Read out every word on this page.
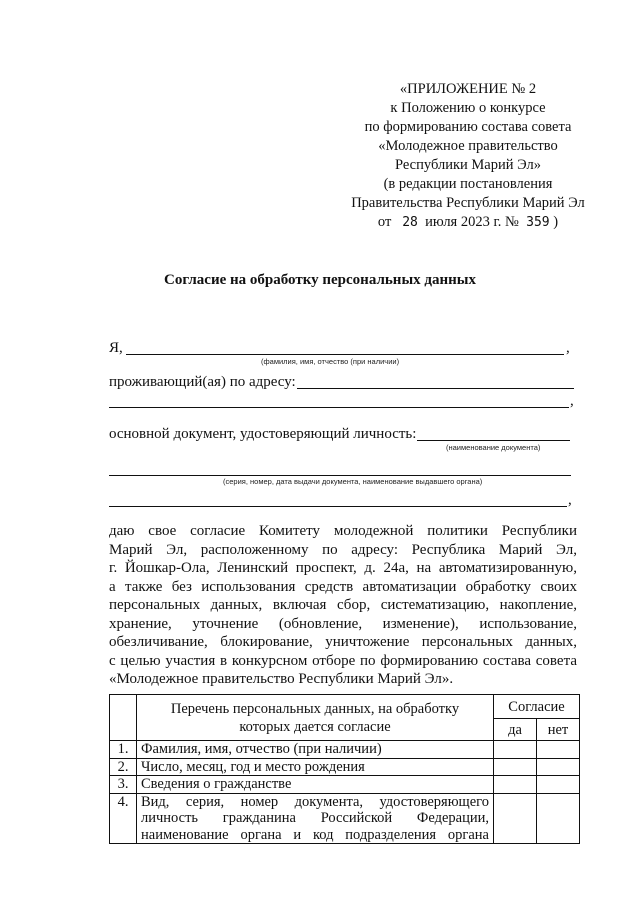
«ПРИЛОЖЕНИЕ № 2
к Положению о конкурсе
по формированию состава совета
«Молодежное правительство
Республики Марий Эл»
(в редакции постановления
Правительства Республики Марий Эл
от 28 июля 2023 г. № 359 )
Согласие на обработку персональных данных
Я,	,
(фамилия, имя, отчество (при наличии)
проживающий(ая) по адресу:
,
основной документ, удостоверяющий личность:
(наименование документа)
(серия, номер, дата выдачи документа, наименование выдавшего органа)
,
даю свое согласие Комитету молодежной политики Республики
Марий Эл, расположенному по адресу: Республика Марий Эл,
г. Йошкар-Ола, Ленинский проспект, д. 24а, на автоматизированную,
а также без использования средств автоматизации обработку своих
персональных данных, включая сбор, систематизацию, накопление,
хранение, уточнение (обновление, изменение), использование,
обезличивание, блокирование, уничтожение персональных данных,
с целью участия в конкурсном отборе по формированию состава совета
«Молодежное правительство Республики Марий Эл».

	Перечень персональных данных, на обработку
которых дается согласие	Согласие	
		да	нет
1.	Фамилия, имя, отчество (при наличии)		
2.	Число, месяц, год и место рождения		
3.	Сведения о гражданстве		
4.	Вид, серия, номер документа, удостоверяющего
личность гражданина Российской Федерации,
наименование органа и код подразделения органа		
